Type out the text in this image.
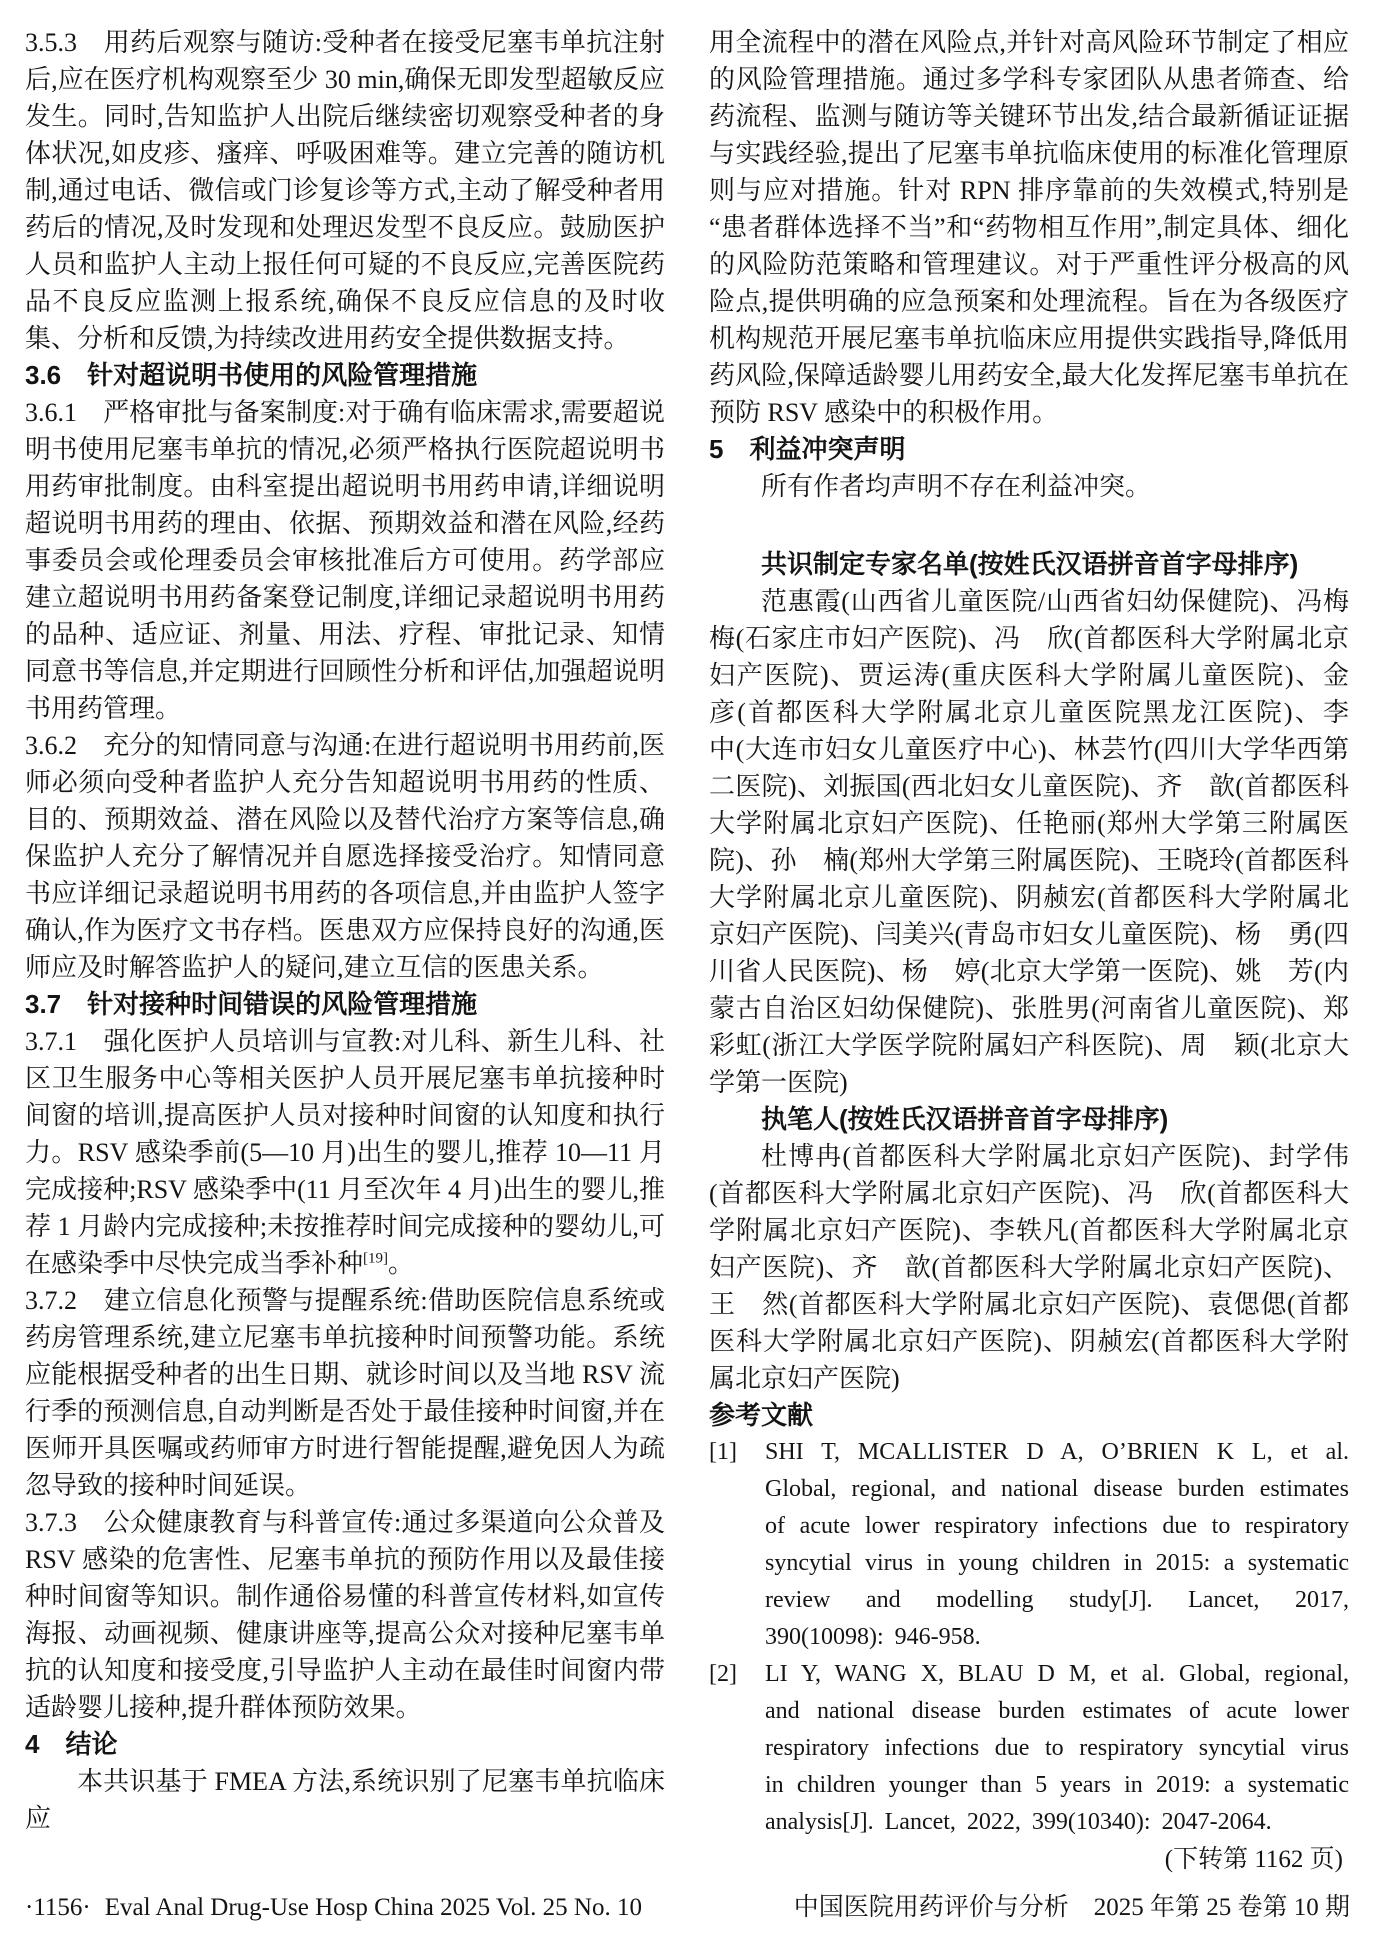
3.5.3　用药后观察与随访:受种者在接受尼塞韦单抗注射后,应在医疗机构观察至少 30 min,确保无即发型超敏反应发生。同时,告知监护人出院后继续密切观察受种者的身体状况,如皮疹、瘙痒、呼吸困难等。建立完善的随访机制,通过电话、微信或门诊复诊等方式,主动了解受种者用药后的情况,及时发现和处理迟发型不良反应。鼓励医护人员和监护人主动上报任何可疑的不良反应,完善医院药品不良反应监测上报系统,确保不良反应信息的及时收集、分析和反馈,为持续改进用药安全提供数据支持。

3.6　针对超说明书使用的风险管理措施

3.6.1　严格审批与备案制度:对于确有临床需求,需要超说明书使用尼塞韦单抗的情况,必须严格执行医院超说明书用药审批制度。由科室提出超说明书用药申请,详细说明超说明书用药的理由、依据、预期效益和潜在风险,经药事委员会或伦理委员会审核批准后方可使用。药学部应建立超说明书用药备案登记制度,详细记录超说明书用药的品种、适应证、剂量、用法、疗程、审批记录、知情同意书等信息,并定期进行回顾性分析和评估,加强超说明书用药管理。

3.6.2　充分的知情同意与沟通:在进行超说明书用药前,医师必须向受种者监护人充分告知超说明书用药的性质、目的、预期效益、潜在风险以及替代治疗方案等信息,确保监护人充分了解情况并自愿选择接受治疗。知情同意书应详细记录超说明书用药的各项信息,并由监护人签字确认,作为医疗文书存档。医患双方应保持良好的沟通,医师应及时解答监护人的疑问,建立互信的医患关系。

3.7　针对接种时间错误的风险管理措施

3.7.1　强化医护人员培训与宣教:对儿科、新生儿科、社区卫生服务中心等相关医护人员开展尼塞韦单抗接种时间窗的培训,提高医护人员对接种时间窗的认知度和执行力。RSV 感染季前(5—10 月)出生的婴儿,推荐 10—11 月完成接种;RSV 感染季中(11 月至次年 4 月)出生的婴儿,推荐 1 月龄内完成接种;未按推荐时间完成接种的婴幼儿,可在感染季中尽快完成当季补种[19]。

3.7.2　建立信息化预警与提醒系统:借助医院信息系统或药房管理系统,建立尼塞韦单抗接种时间预警功能。系统应能根据受种者的出生日期、就诊时间以及当地 RSV 流行季的预测信息,自动判断是否处于最佳接种时间窗,并在医师开具医嘱或药师审方时进行智能提醒,避免因人为疏忽导致的接种时间延误。

3.7.3　公众健康教育与科普宣传:通过多渠道向公众普及 RSV 感染的危害性、尼塞韦单抗的预防作用以及最佳接种时间窗等知识。制作通俗易懂的科普宣传材料,如宣传海报、动画视频、健康讲座等,提高公众对接种尼塞韦单抗的认知度和接受度,引导监护人主动在最佳时间窗内带适龄婴儿接种,提升群体预防效果。

4　结论

本共识基于 FMEA 方法,系统识别了尼塞韦单抗临床应

用全流程中的潜在风险点,并针对高风险环节制定了相应的风险管理措施。通过多学科专家团队从患者筛查、给药流程、监测与随访等关键环节出发,结合最新循证证据与实践经验,提出了尼塞韦单抗临床使用的标准化管理原则与应对措施。针对 RPN 排序靠前的失效模式,特别是“患者群体选择不当”和“药物相互作用”,制定具体、细化的风险防范策略和管理建议。对于严重性评分极高的风险点,提供明确的应急预案和处理流程。旨在为各级医疗机构规范开展尼塞韦单抗临床应用提供实践指导,降低用药风险,保障适龄婴儿用药安全,最大化发挥尼塞韦单抗在预防 RSV 感染中的积极作用。

5　利益冲突声明

所有作者均声明不存在利益冲突。

共识制定专家名单(按姓氏汉语拼音首字母排序)

范惠霞(山西省儿童医院/山西省妇幼保健院)、冯梅梅(石家庄市妇产医院)、冯　欣(首都医科大学附属北京妇产医院)、贾运涛(重庆医科大学附属儿童医院)、金　彦(首都医科大学附属北京儿童医院黑龙江医院)、李　中(大连市妇女儿童医疗中心)、林芸竹(四川大学华西第二医院)、刘振国(西北妇女儿童医院)、齐　歆(首都医科大学附属北京妇产医院)、任艳丽(郑州大学第三附属医院)、孙　楠(郑州大学第三附属医院)、王晓玲(首都医科大学附属北京儿童医院)、阴赪宏(首都医科大学附属北京妇产医院)、闫美兴(青岛市妇女儿童医院)、杨　勇(四川省人民医院)、杨　婷(北京大学第一医院)、姚　芳(内蒙古自治区妇幼保健院)、张胜男(河南省儿童医院)、郑彩虹(浙江大学医学院附属妇产科医院)、周　颖(北京大学第一医院)

执笔人(按姓氏汉语拼音首字母排序)

杜博冉(首都医科大学附属北京妇产医院)、封学伟(首都医科大学附属北京妇产医院)、冯　欣(首都医科大学附属北京妇产医院)、李轶凡(首都医科大学附属北京妇产医院)、齐　歆(首都医科大学附属北京妇产医院)、王　然(首都医科大学附属北京妇产医院)、袁偲偲(首都医科大学附属北京妇产医院)、阴赪宏(首都医科大学附属北京妇产医院)

参考文献
[1]	SHI T, MCALLISTER D A, O’BRIEN K L, et al. Global, regional, and national disease burden estimates of acute lower respiratory infections due to respiratory syncytial virus in young children in 2015: a systematic review and modelling study[J]. Lancet, 2017, 390(10098): 946-958.
[2]	LI Y, WANG X, BLAU D M, et al. Global, regional, and national disease burden estimates of acute lower respiratory infections due to respiratory syncytial virus in children younger than 5 years in 2019: a systematic analysis[J]. Lancet, 2022, 399(10340): 2047-2064.

(下转第 1162 页)

·1156· Eval Anal Drug-Use Hosp China 2025 Vol. 25 No. 10	中国医院用药评价与分析　2025 年第 25 卷第 10 期
